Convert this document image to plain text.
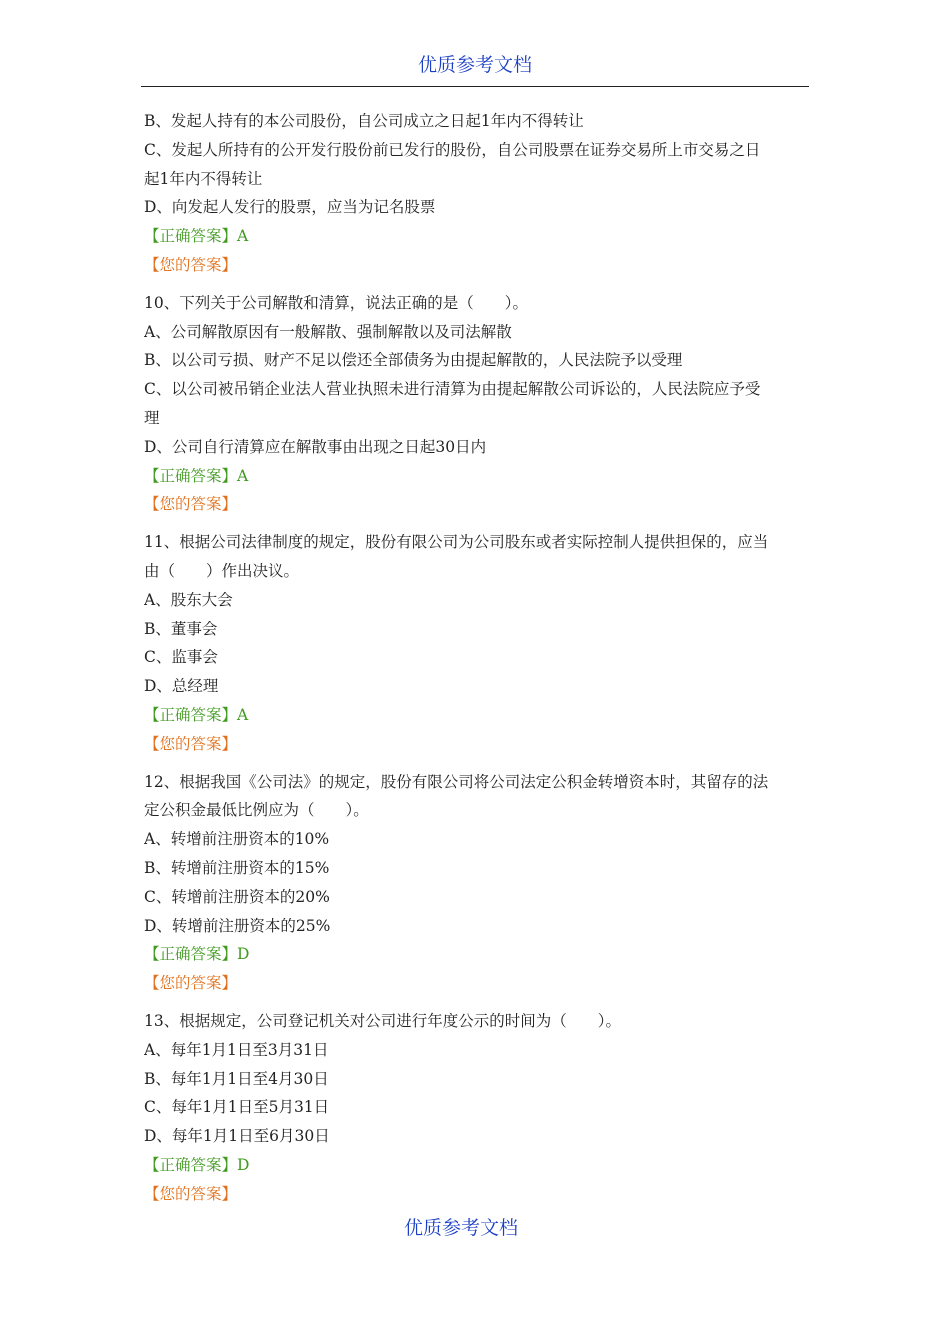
优质参考文档
B、发起人持有的本公司股份，自公司成立之日起1年内不得转让
C、发起人所持有的公开发行股份前已发行的股份，自公司股票在证券交易所上市交易之日
起1年内不得转让
D、向发起人发行的股票，应当为记名股票
【正确答案】A
【您的答案】
10、下列关于公司解散和清算，说法正确的是（　　）。
A、公司解散原因有一般解散、强制解散以及司法解散
B、以公司亏损、财产不足以偿还全部债务为由提起解散的，人民法院予以受理
C、以公司被吊销企业法人营业执照未进行清算为由提起解散公司诉讼的，人民法院应予受
理
D、公司自行清算应在解散事由出现之日起30日内
【正确答案】A
【您的答案】
11、根据公司法律制度的规定，股份有限公司为公司股东或者实际控制人提供担保的，应当
由（　　）作出决议。
A、股东大会
B、董事会
C、监事会
D、总经理
【正确答案】A
【您的答案】
12、根据我国《公司法》的规定，股份有限公司将公司法定公积金转增资本时，其留存的法
定公积金最低比例应为（　　）。
A、转增前注册资本的10%
B、转增前注册资本的15%
C、转增前注册资本的20%
D、转增前注册资本的25%
【正确答案】D
【您的答案】
13、根据规定，公司登记机关对公司进行年度公示的时间为（　　）。
A、每年1月1日至3月31日
B、每年1月1日至4月30日
C、每年1月1日至5月31日
D、每年1月1日至6月30日
【正确答案】D
【您的答案】
优质参考文档
